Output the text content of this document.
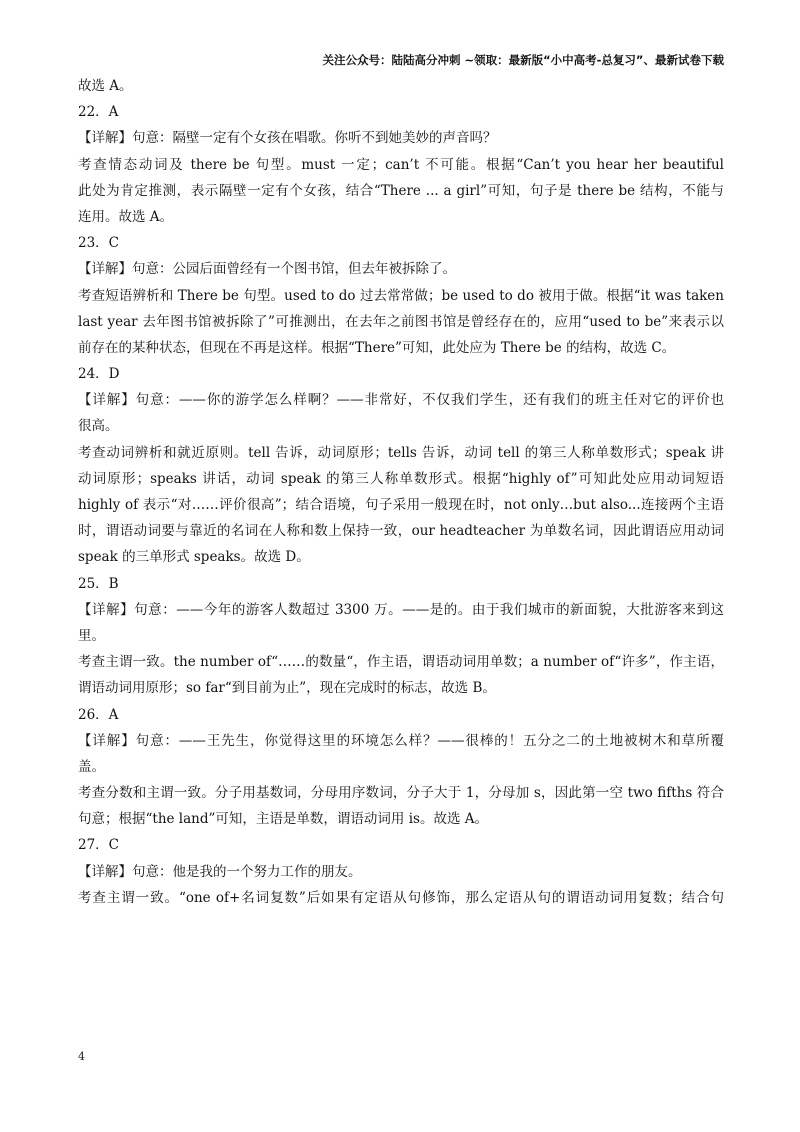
关注公众号：陆陆高分冲刺 ~领取：最新版“小中高考-总复习”、最新试卷下载
故选 A。
22．A
【详解】句意：隔壁一定有个女孩在唱歌。你听不到她美妙的声音吗？
考查情态动词及 there be 句型。must 一定；can’t 不可能。根据“Can’t you hear her beautiful
此处为肯定推测，表示隔壁一定有个女孩，结合“There ... a girl”可知，句子是 there be 结构，不能与
连用。故选 A。
23．C
【详解】句意：公园后面曾经有一个图书馆，但去年被拆除了。
考查短语辨析和 There be 句型。used to do 过去常常做；be used to do 被用于做。根据“it was taken
last year 去年图书馆被拆除了”可推测出，在去年之前图书馆是曾经存在的，应用“used to be”来表示以
前存在的某种状态，但现在不再是这样。根据“There”可知，此处应为 There be 的结构，故选 C。
24．D
【详解】句意：——你的游学怎么样啊？——非常好，不仅我们学生，还有我们的班主任对它的评价也
很高。
考查动词辨析和就近原则。tell 告诉，动词原形；tells 告诉，动词 tell 的第三人称单数形式；speak 讲
动词原形；speaks 讲话，动词 speak 的第三人称单数形式。根据“highly of”可知此处应用动词短语
highly of 表示“对……评价很高”；结合语境，句子采用一般现在时，not only…but also...连接两个主语
时，谓语动词要与靠近的名词在人称和数上保持一致，our headteacher 为单数名词，因此谓语应用动词
speak 的三单形式 speaks。故选 D。
25．B
【详解】句意：——今年的游客人数超过 3300 万。——是的。由于我们城市的新面貌，大批游客来到这
里。
考查主谓一致。the number of“……的数量“，作主语，谓语动词用单数；a number of“许多”，作主语，
谓语动词用原形；so far“到目前为止”，现在完成时的标志，故选 B。
26．A
【详解】句意：——王先生，你觉得这里的环境怎么样？——很棒的！五分之二的土地被树木和草所覆
盖。
考查分数和主谓一致。分子用基数词，分母用序数词，分子大于 1，分母加 s，因此第一空 two fifths 符合
句意；根据“the land”可知，主语是单数，谓语动词用 is。故选 A。
27．C
【详解】句意：他是我的一个努力工作的朋友。
考查主谓一致。“one of+名词复数”后如果有定语从句修饰，那么定语从句的谓语动词用复数；结合句
4
